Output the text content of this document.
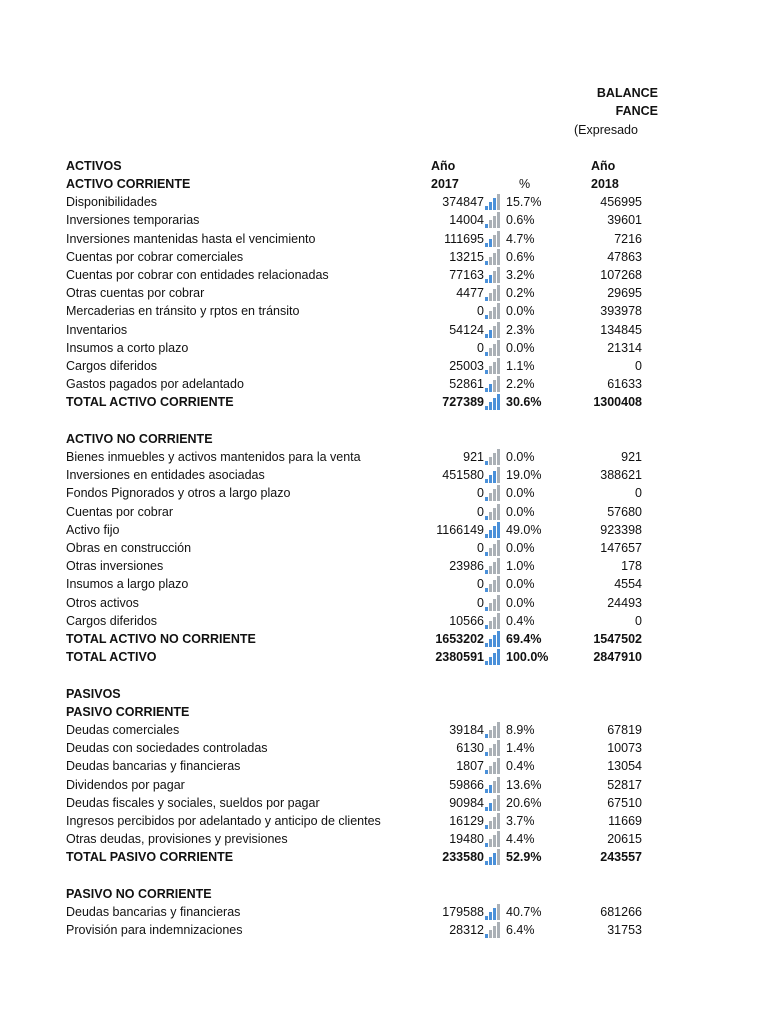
BALANCE
FANCE
(Expresado
ACTIVOS	Año	Año
2017	%	2018
ACTIVO CORRIENTE
Disponibilidades	374847 15.7%	456995
Inversiones temporarias	14004 0.6%	39601
Inversiones mantenidas hasta el vencimiento	111695 4.7%	7216
Cuentas por cobrar comerciales	13215 0.6%	47863
Cuentas por cobrar con entidades relacionadas	77163 3.2%	107268
Otras cuentas por cobrar	4477 0.2%	29695
Mercaderias en tránsito y rptos en tránsito	0 0.0%	393978
Inventarios	54124 2.3%	134845
Insumos a corto plazo	0 0.0%	21314
Cargos diferidos	25003 1.1%	0
Gastos pagados por adelantado	52861 2.2%	61633
TOTAL ACTIVO CORRIENTE	727389 30.6%	1300408
ACTIVO NO CORRIENTE
Bienes inmuebles y activos mantenidos para la venta	921 0.0%	921
Inversiones en entidades asociadas	451580 19.0%	388621
Fondos Pignorados y otros a largo plazo	0 0.0%	0
Cuentas por cobrar	0 0.0%	57680
Activo fijo	1166149 49.0%	923398
Obras en construcción	0 0.0%	147657
Otras inversiones	23986 1.0%	178
Insumos a largo plazo	0 0.0%	4554
Otros activos	0 0.0%	24493
Cargos diferidos	10566 0.4%	0
TOTAL ACTIVO NO CORRIENTE	1653202 69.4%	1547502
TOTAL ACTIVO	2380591 100.0%	2847910
PASIVOS
PASIVO CORRIENTE
Deudas comerciales	39184 8.9%	67819
Deudas con sociedades controladas	6130 1.4%	10073
Deudas bancarias y financieras	1807 0.4%	13054
Dividendos por pagar	59866 13.6%	52817
Deudas fiscales y sociales, sueldos por pagar	90984 20.6%	67510
Ingresos percibidos por adelantado y anticipo de clientes	16129 3.7%	11669
Otras deudas, provisiones y previsiones	19480 4.4%	20615
TOTAL PASIVO CORRIENTE	233580 52.9%	243557
PASIVO NO CORRIENTE
Deudas bancarias y financieras	179588 40.7%	681266
Provisión para indemnizaciones	28312 6.4%	31753
